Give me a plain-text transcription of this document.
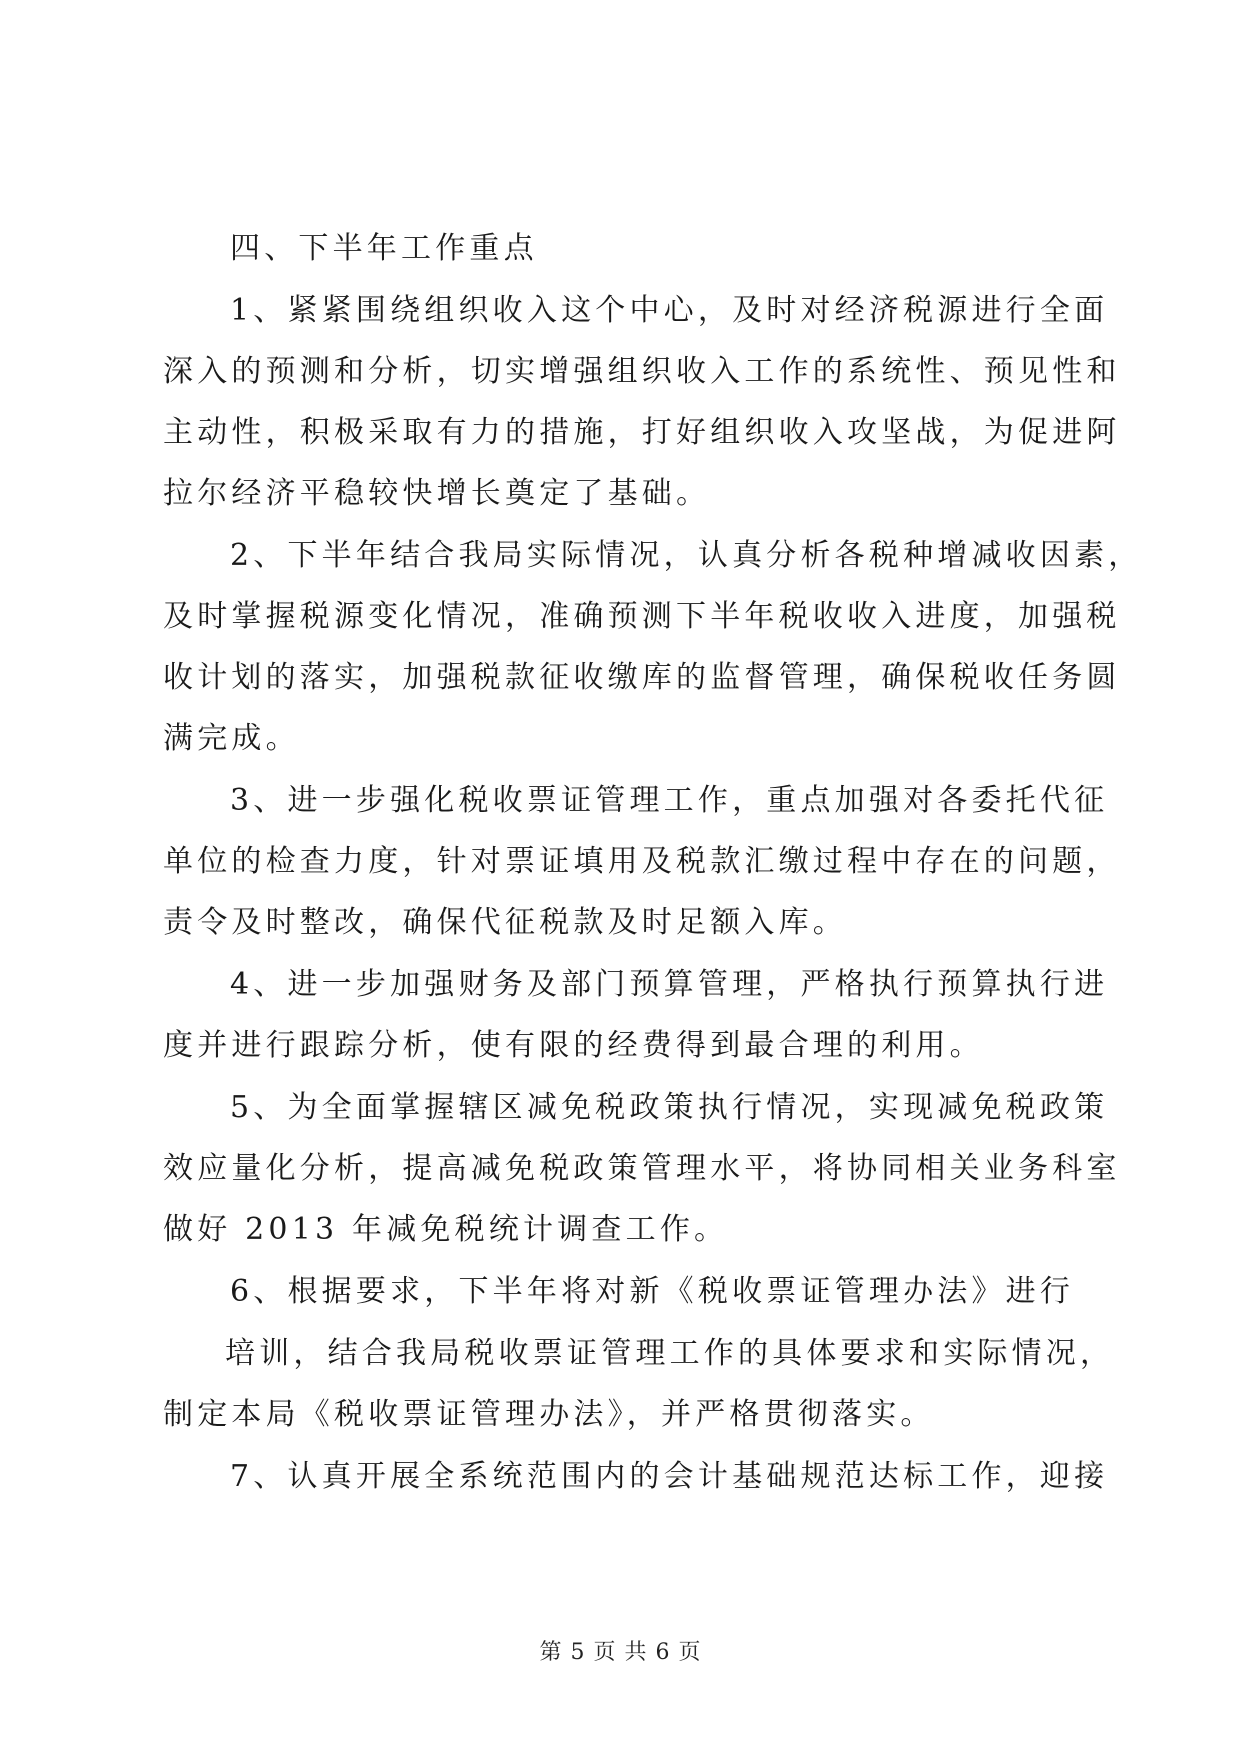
四、下半年工作重点

1、紧紧围绕组织收入这个中心，及时对经济税源进行全面

深入的预测和分析，切实增强组织收入工作的系统性、预见性和

主动性，积极采取有力的措施，打好组织收入攻坚战，为促进阿

拉尔经济平稳较快增长奠定了基础。

2、下半年结合我局实际情况，认真分析各税种增减收因素，

及时掌握税源变化情况，准确预测下半年税收收入进度，加强税

收计划的落实，加强税款征收缴库的监督管理，确保税收任务圆

满完成。

3、进一步强化税收票证管理工作，重点加强对各委托代征

单位的检查力度，针对票证填用及税款汇缴过程中存在的问题，

责令及时整改，确保代征税款及时足额入库。

4、进一步加强财务及部门预算管理，严格执行预算执行进

度并进行跟踪分析，使有限的经费得到最合理的利用。

5、为全面掌握辖区减免税政策执行情况，实现减免税政策

效应量化分析，提高减免税政策管理水平，将协同相关业务科室

做好 2013 年减免税统计调查工作。

6、根据要求，下半年将对新《税收票证管理办法》进行

培训，结合我局税收票证管理工作的具体要求和实际情况，

制定本局《税收票证管理办法》，并严格贯彻落实。

7、认真开展全系统范围内的会计基础规范达标工作，迎接

第 5 页 共 6 页
